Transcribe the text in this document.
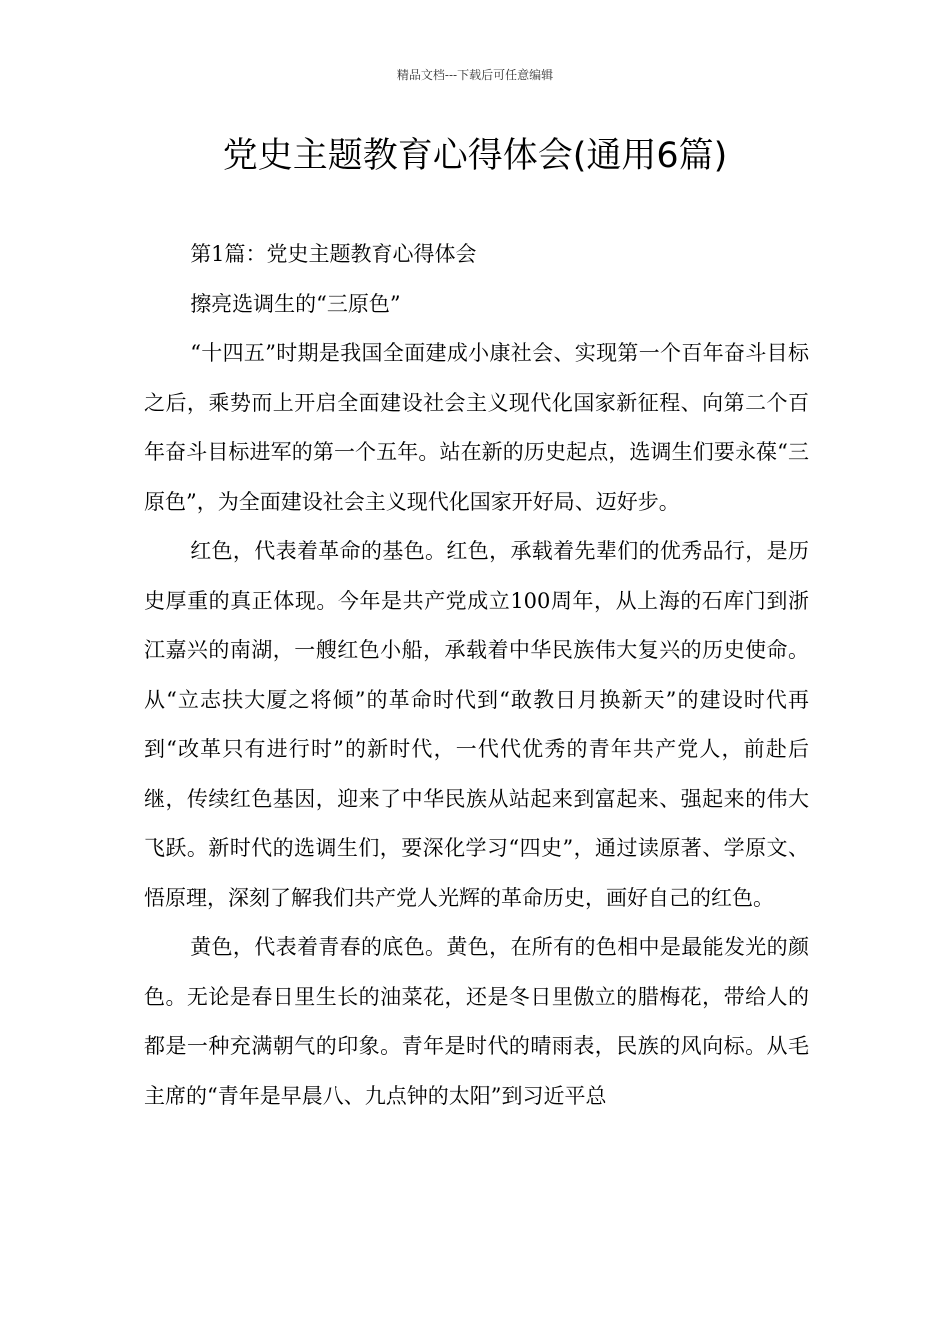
精品文档---下载后可任意编辑
党史主题教育心得体会(通用6篇)

第1篇：党史主题教育心得体会

擦亮选调生的“三原色”

“十四五”时期是我国全面建成小康社会、实现第一个百年奋斗目标之后，乘势而上开启全面建设社会主义现代化国家新征程、向第二个百年奋斗目标进军的第一个五年。站在新的历史起点，选调生们要永葆“三原色”，为全面建设社会主义现代化国家开好局、迈好步。

红色，代表着革命的基色。红色，承载着先辈们的优秀品行，是历史厚重的真正体现。今年是共产党成立100周年，从上海的石库门到浙江嘉兴的南湖，一艘红色小船，承载着中华民族伟大复兴的历史使命。从“立志扶大厦之将倾”的革命时代到“敢教日月换新天”的建设时代再到“改革只有进行时”的新时代，一代代优秀的青年共产党人，前赴后继，传续红色基因，迎来了中华民族从站起来到富起来、强起来的伟大飞跃。新时代的选调生们，要深化学习“四史”，通过读原著、学原文、悟原理，深刻了解我们共产党人光辉的革命历史，画好自己的红色。

黄色，代表着青春的底色。黄色，在所有的色相中是最能发光的颜色。无论是春日里生长的油菜花，还是冬日里傲立的腊梅花，带给人的都是一种充满朝气的印象。青年是时代的晴雨表，民族的风向标。从毛主席的“青年是早晨八、九点钟的太阳”到习近平总
